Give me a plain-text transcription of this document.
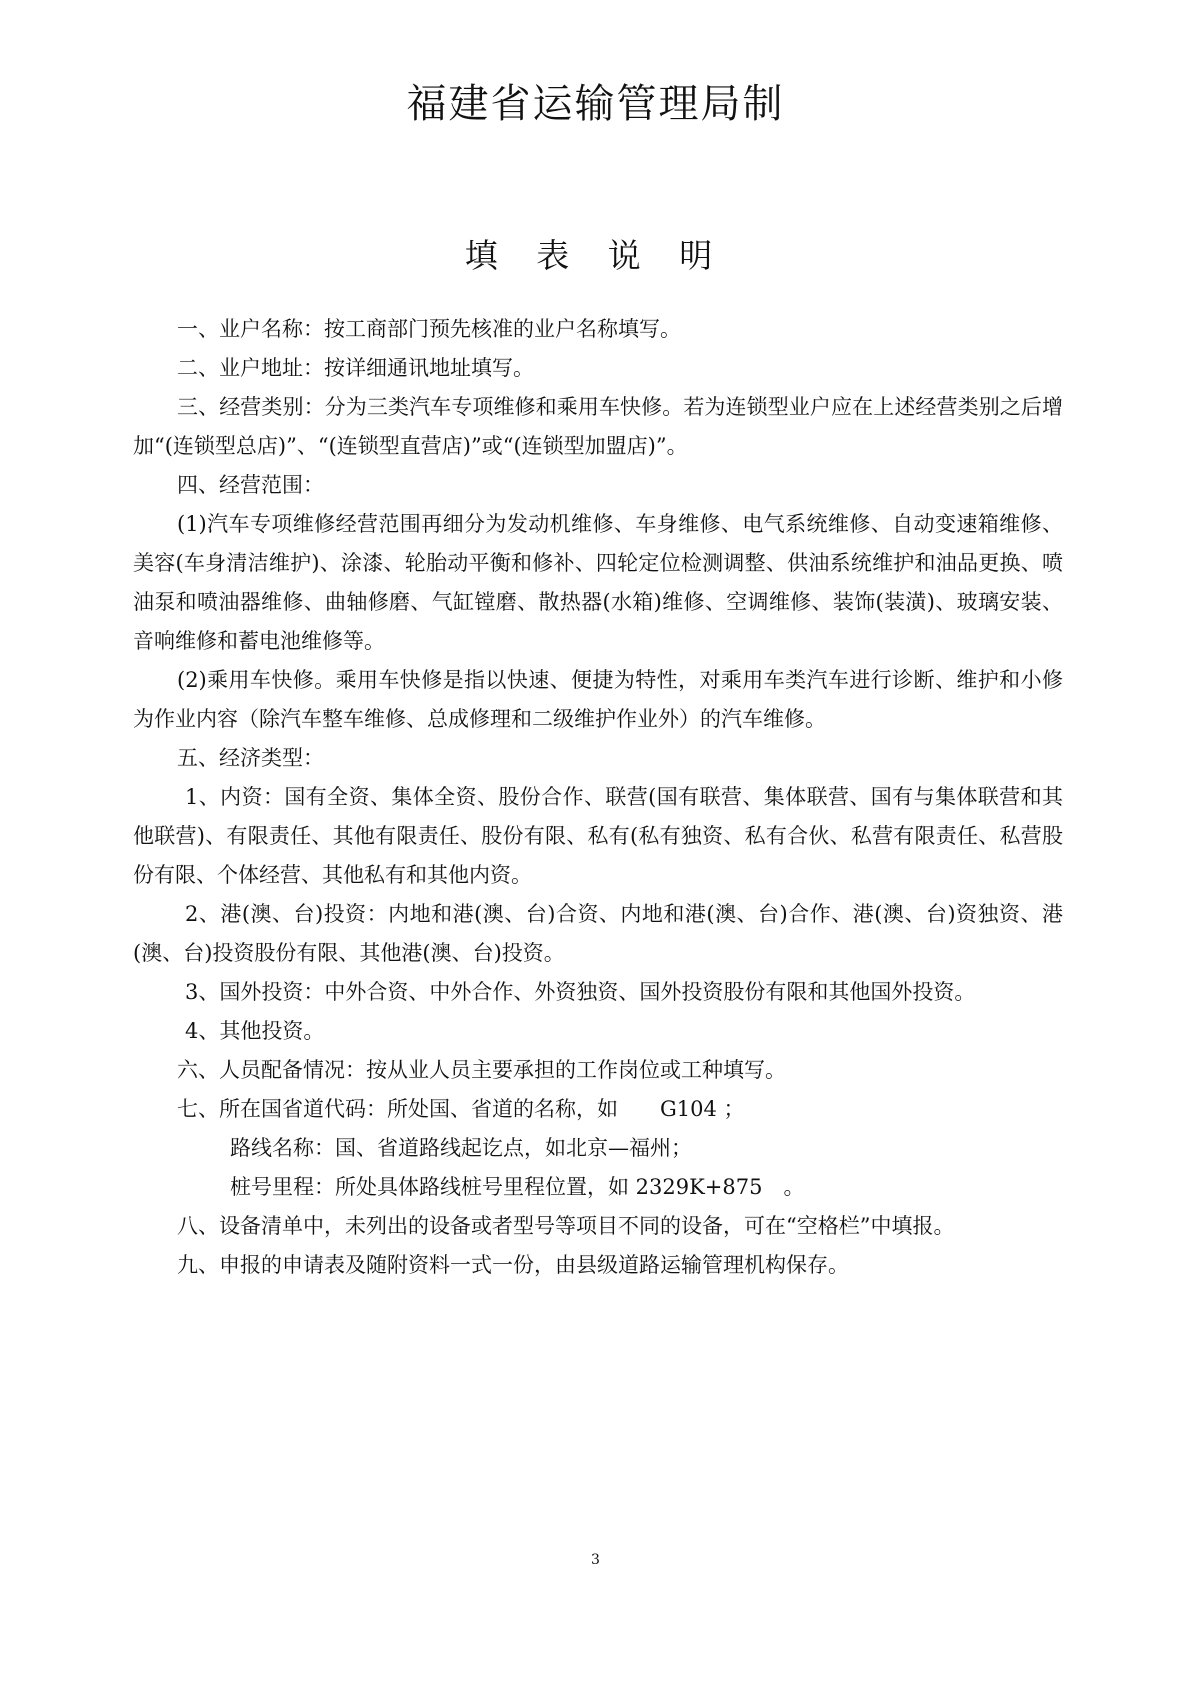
福建省运输管理局制
填 表 说 明

一、业户名称：按工商部门预先核准的业户名称填写。

二、业户地址：按详细通讯地址填写。

三、经营类别：分为三类汽车专项维修和乘用车快修。若为连锁型业户应在上述经营类别之后增加“(连锁型总店)”、“(连锁型直营店)”或“(连锁型加盟店)”。

四、经营范围：

(1)汽车专项维修经营范围再细分为发动机维修、车身维修、电气系统维修、自动变速箱维修、美容(车身清洁维护)、涂漆、轮胎动平衡和修补、四轮定位检测调整、供油系统维护和油品更换、喷油泵和喷油器维修、曲轴修磨、气缸镗磨、散热器(水箱)维修、空调维修、装饰(装潢)、玻璃安装、音响维修和蓄电池维修等。

(2)乘用车快修。乘用车快修是指以快速、便捷为特性，对乘用车类汽车进行诊断、维护和小修为作业内容（除汽车整车维修、总成修理和二级维护作业外）的汽车维修。

五、经济类型：

1、内资：国有全资、集体全资、股份合作、联营(国有联营、集体联营、国有与集体联营和其他联营)、有限责任、其他有限责任、股份有限、私有(私有独资、私有合伙、私营有限责任、私营股份有限、个体经营、其他私有和其他内资。

2、港(澳、台)投资：内地和港(澳、台)合资、内地和港(澳、台)合作、港(澳、台)资独资、港(澳、台)投资股份有限、其他港(澳、台)投资。

3、国外投资：中外合资、中外合作、外资独资、国外投资股份有限和其他国外投资。

4、其他投资。

六、人员配备情况：按从业人员主要承担的工作岗位或工种填写。

七、所在国省道代码：所处国、省道的名称，如　　G104 ；

路线名称：国、省道路线起讫点，如北京—福州；

桩号里程：所处具体路线桩号里程位置，如 2329K+875　。

八、设备清单中，未列出的设备或者型号等项目不同的设备，可在“空格栏”中填报。

九、申报的申请表及随附资料一式一份，由县级道路运输管理机构保存。

3
